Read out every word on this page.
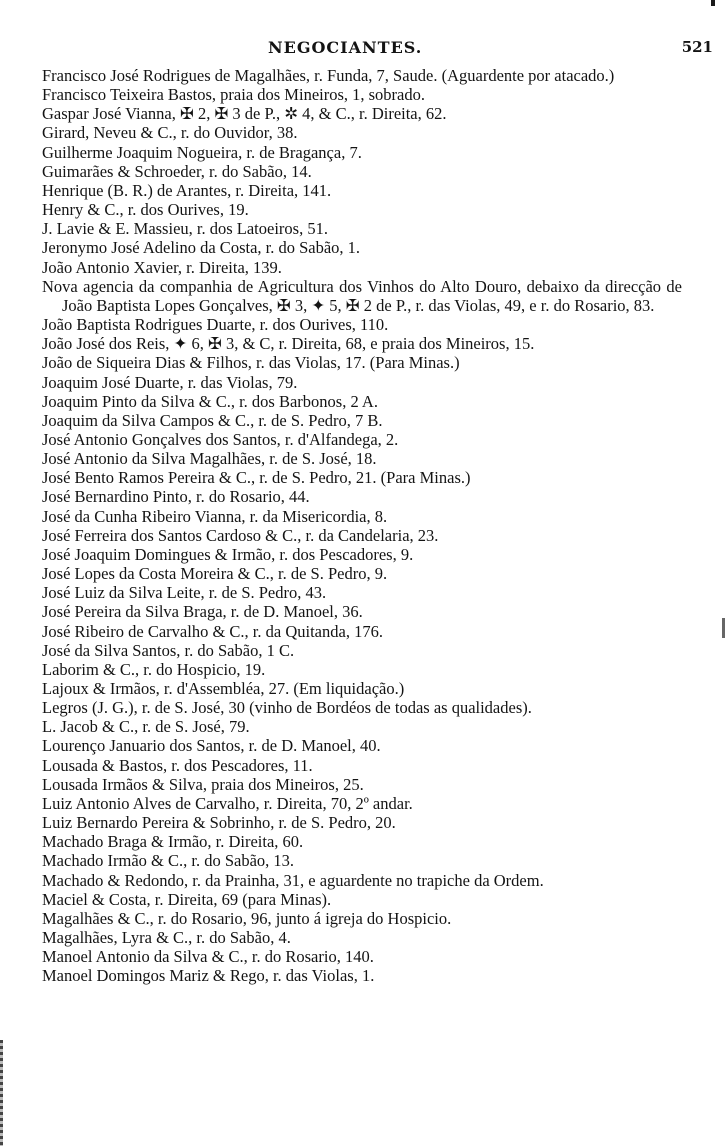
NEGOCIANTES.	521
Francisco José Rodrigues de Magalhães, r. Funda, 7, Saude. (Aguardente por atacado.)
Francisco Teixeira Bastos, praia dos Mineiros, 1, sobrado.
Gaspar José Vianna, ✠ 2, ✠ 3 de P., ✲ 4, & C., r. Direita, 62.
Girard, Neveu & C., r. do Ouvidor, 38.
Guilherme Joaquim Nogueira, r. de Bragança, 7.
Guimarães & Schroeder, r. do Sabão, 14.
Henrique (B. R.) de Arantes, r. Direita, 141.
Henry & C., r. dos Ourives, 19.
J. Lavie & E. Massieu, r. dos Latoeiros, 51.
Jeronymo José Adelino da Costa, r. do Sabão, 1.
João Antonio Xavier, r. Direita, 139.
Nova agencia da companhia de Agricultura dos Vinhos do Alto Douro, debaixo da direcção de João Baptista Lopes Gonçalves, ✠ 3, ✦ 5, ✠ 2 de P., r. das Violas, 49, e r. do Rosario, 83.
João Baptista Rodrigues Duarte, r. dos Ourives, 110.
João José dos Reis, ✦ 6, ✠ 3, & C, r. Direita, 68, e praia dos Mineiros, 15.
João de Siqueira Dias & Filhos, r. das Violas, 17. (Para Minas.)
Joaquim José Duarte, r. das Violas, 79.
Joaquim Pinto da Silva & C., r. dos Barbonos, 2 A.
Joaquim da Silva Campos & C., r. de S. Pedro, 7 B.
José Antonio Gonçalves dos Santos, r. d'Alfandega, 2.
José Antonio da Silva Magalhães, r. de S. José, 18.
José Bento Ramos Pereira & C., r. de S. Pedro, 21. (Para Minas.)
José Bernardino Pinto, r. do Rosario, 44.
José da Cunha Ribeiro Vianna, r. da Misericordia, 8.
José Ferreira dos Santos Cardoso & C., r. da Candelaria, 23.
José Joaquim Domingues & Irmão, r. dos Pescadores, 9.
José Lopes da Costa Moreira & C., r. de S. Pedro, 9.
José Luiz da Silva Leite, r. de S. Pedro, 43.
José Pereira da Silva Braga, r. de D. Manoel, 36.
José Ribeiro de Carvalho & C., r. da Quitanda, 176.
José da Silva Santos, r. do Sabão, 1 C.
Laborim & C., r. do Hospicio, 19.
Lajoux & Irmãos, r. d'Assembléa, 27. (Em liquidação.)
Legros (J. G.), r. de S. José, 30 (vinho de Bordéos de todas as qualidades).
L. Jacob & C., r. de S. José, 79.
Lourenço Januario dos Santos, r. de D. Manoel, 40.
Lousada & Bastos, r. dos Pescadores, 11.
Lousada Irmãos & Silva, praia dos Mineiros, 25.
Luiz Antonio Alves de Carvalho, r. Direita, 70, 2º andar.
Luiz Bernardo Pereira & Sobrinho, r. de S. Pedro, 20.
Machado Braga & Irmão, r. Direita, 60.
Machado Irmão & C., r. do Sabão, 13.
Machado & Redondo, r. da Prainha, 31, e aguardente no trapiche da Ordem.
Maciel & Costa, r. Direita, 69 (para Minas).
Magalhães & C., r. do Rosario, 96, junto á igreja do Hospicio.
Magalhães, Lyra & C., r. do Sabão, 4.
Manoel Antonio da Silva & C., r. do Rosario, 140.
Manoel Domingos Mariz & Rego, r. das Violas, 1.
